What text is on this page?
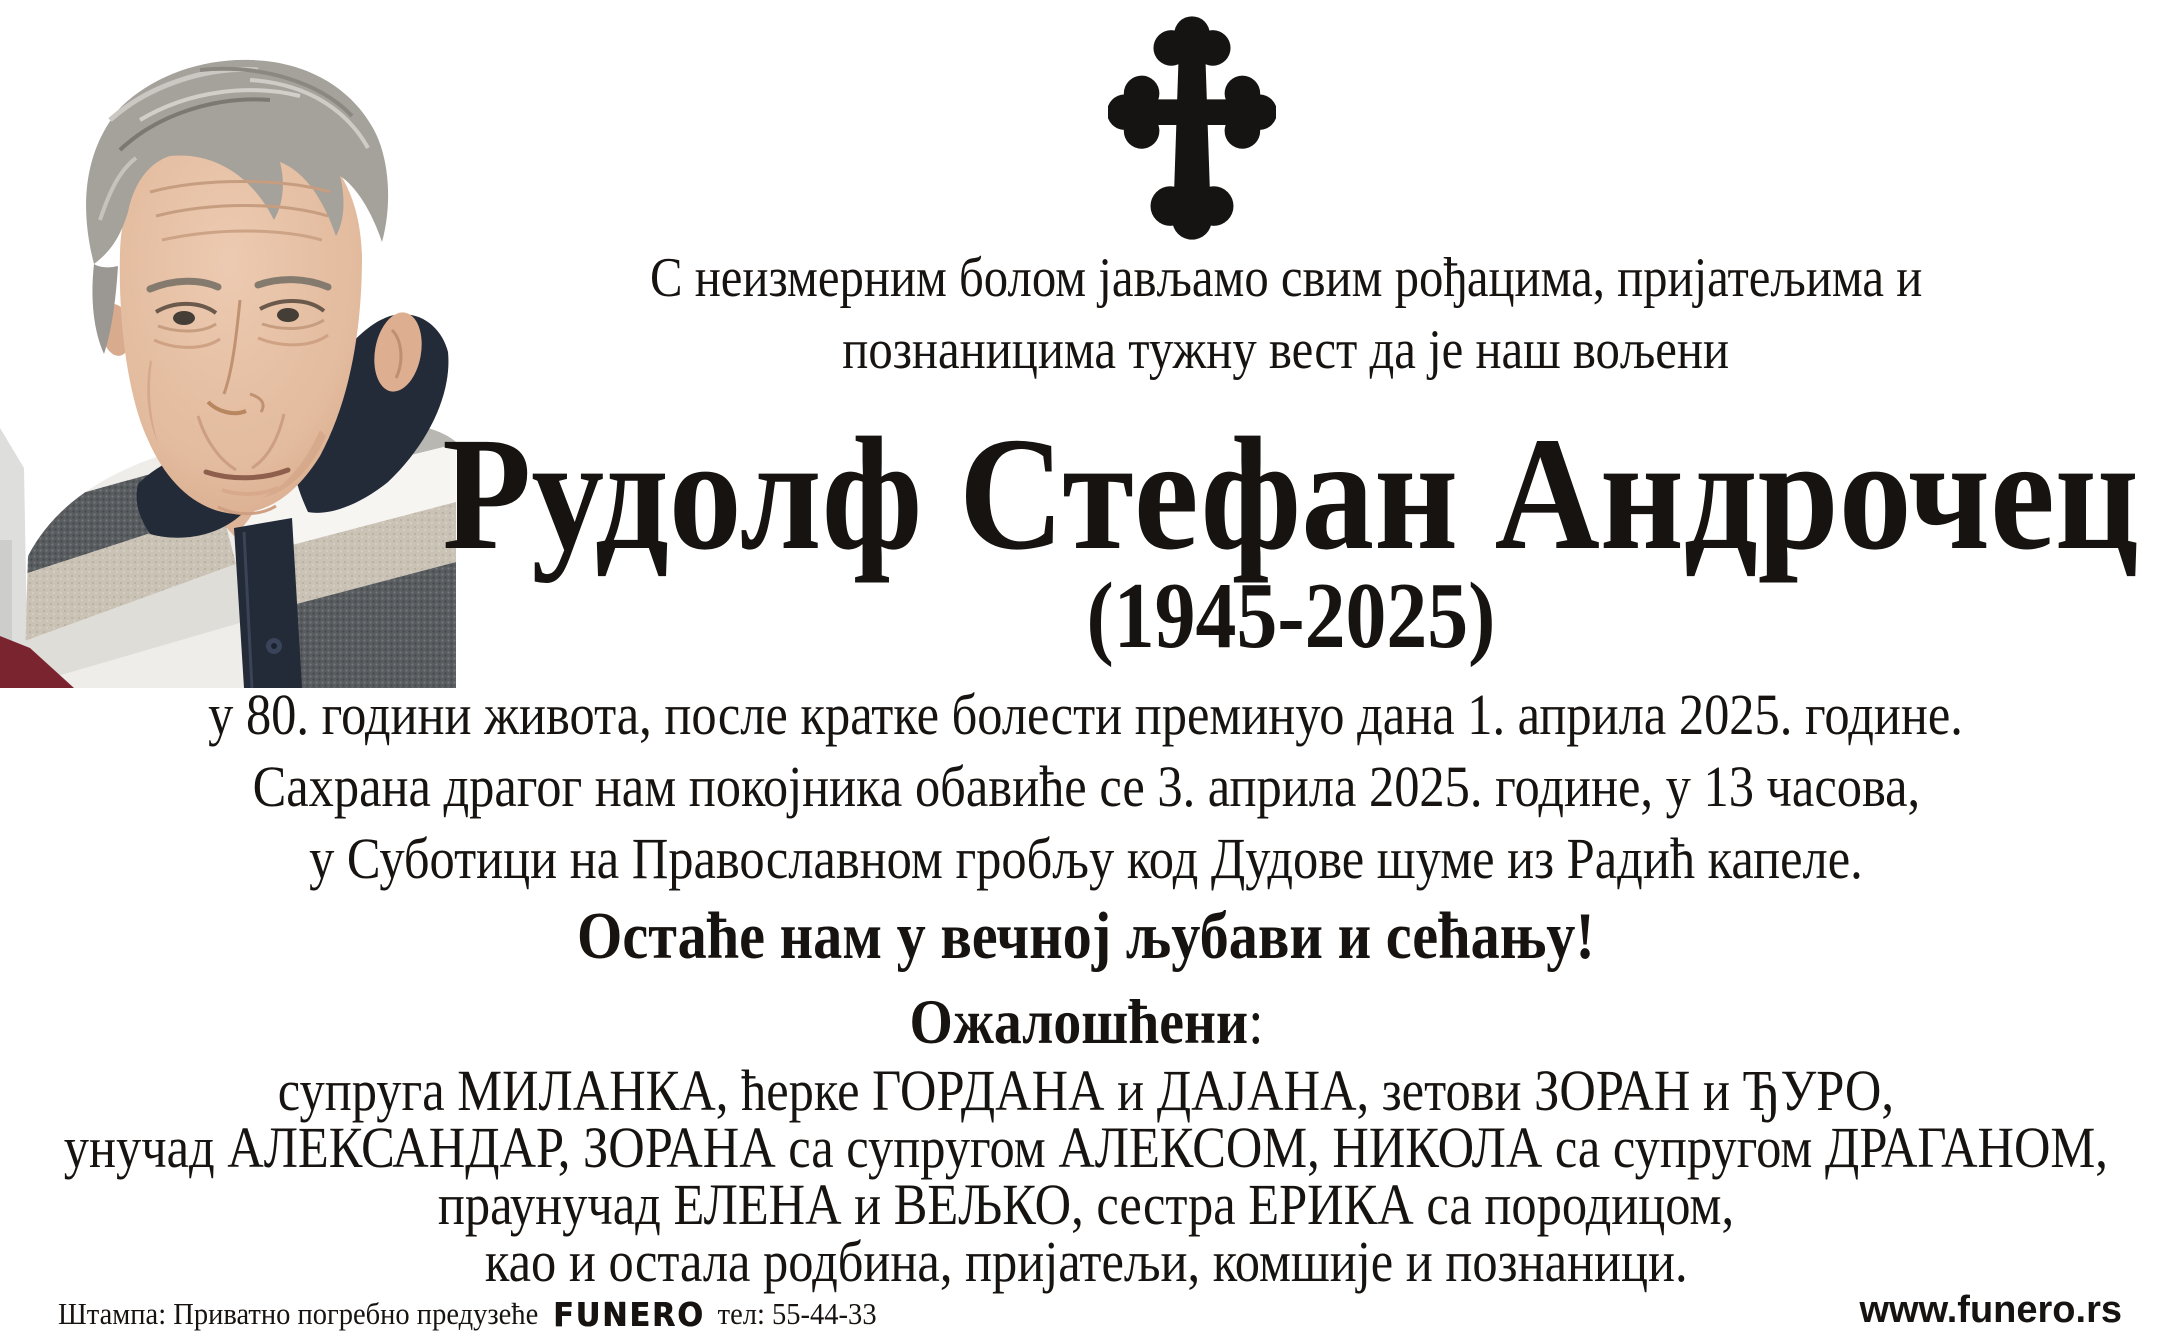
С неизмерним болом јављамо свим рођацима, пријатељима и
познаницима тужну вест да је наш вољени
Рудолф Стефан Андрочец
(1945-2025)
у 80. години живота, после кратке болести преминуо дана 1. априла 2025. године.
Сахрана драгог нам покојника обавиће се 3. априла 2025. године, у 13 часова,
у Суботици на Православном гробљу код Дудове шуме из Радић капеле.
Остаће нам у вечној љубави и сећању!
Ожалошћени:
супруга МИЛАНКА, ћерке ГОРДАНА и ДАЈАНА, зетови ЗОРАН и ЂУРО,
унучад АЛЕКСАНДАР, ЗОРАНА са супругом АЛЕКСОМ, НИКОЛА са супругом ДРАГАНОМ,
праунучад ЕЛЕНА и ВЕЉКО, сестра ЕРИКА са породицом,
као и остала родбина, пријатељи, комшије и познаници.
Штампа: Приватно погребно предузеће FUNERO тел: 55-44-33	www.funero.rs
